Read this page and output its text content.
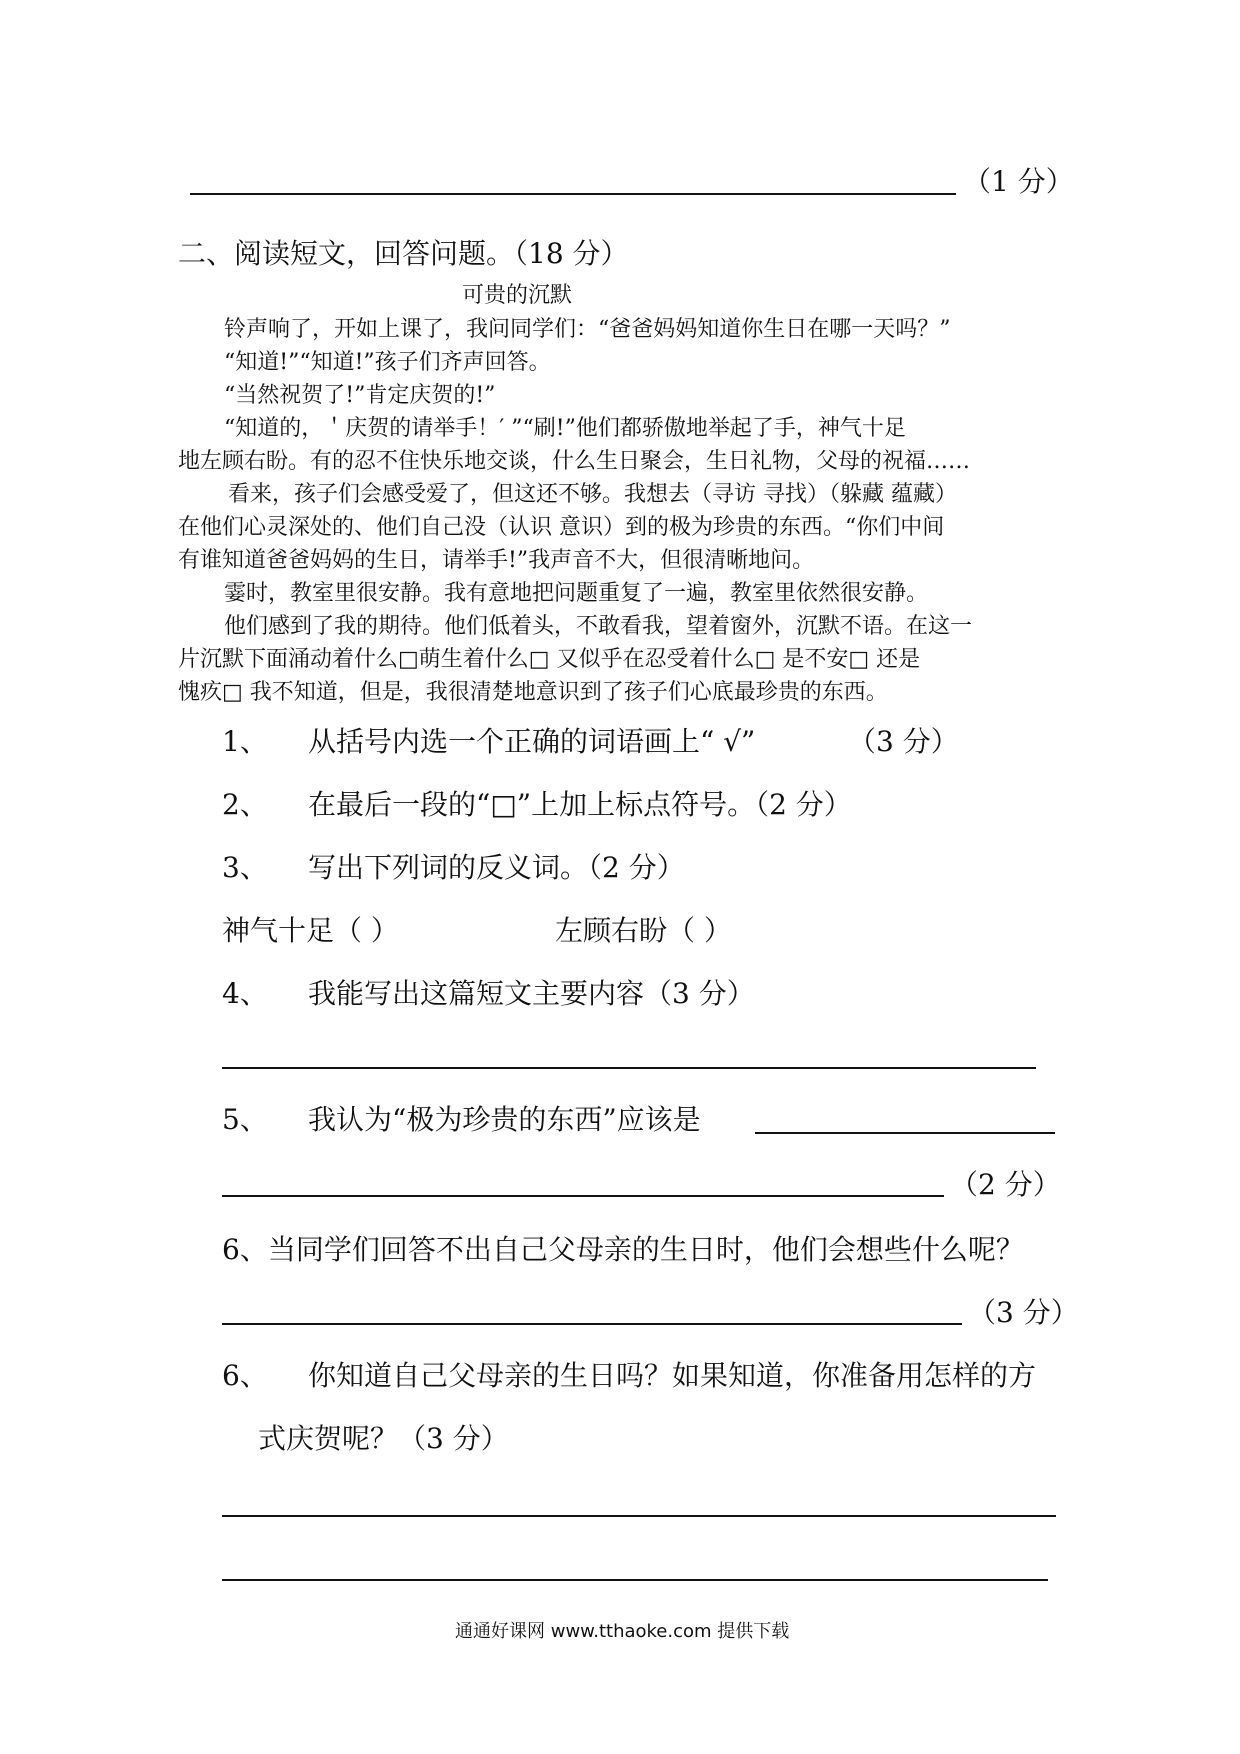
（1 分）
二、阅读短文，回答问题。（18 分）
可贵的沉默
铃声响了，开如上课了，我问同学们：“爸爸妈妈知道你生日在哪一天吗？”
“知道!”“知道!”孩子们齐声回答。
“当然祝贺了!”肯定庆贺的!”
“知道的，＇庆贺的请举手！′ ”“刷!”他们都骄傲地举起了手，神气十足
地左顾右盼。有的忍不住快乐地交谈，什么生日聚会，生日礼物，父母的祝福……
看来，孩子们会感受爱了，但这还不够。我想去（寻访 寻找）（躲藏 蕴藏）
在他们心灵深处的、他们自己没（认识 意识）到的极为珍贵的东西。“你们中间
有谁知道爸爸妈妈的生日，请举手!”我声音不大，但很清晰地问。
霎时，教室里很安静。我有意地把问题重复了一遍，教室里依然很安静。
他们感到了我的期待。他们低着头，不敢看我，望着窗外，沉默不语。在这一
片沉默下面涌动着什么□萌生着什么□ 又似乎在忍受着什么□ 是不安□ 还是
愧疚□ 我不知道，但是，我很清楚地意识到了孩子们心底最珍贵的东西。
1、 从括号内选一个正确的词语画上“ √”	（3 分）
2、 在最后一段的“□”上加上标点符号。（2 分）
3、 写出下列词的反义词。（2 分）
神气十足（ ）	左顾右盼（ ）
4、 我能写出这篇短文主要内容（3 分）
5、 我认为“极为珍贵的东西”应该是
（2 分）
6、当同学们回答不出自己父母亲的生日时，他们会想些什么呢？
（3 分）
6、 你知道自己父母亲的生日吗？如果知道，你准备用怎样的方
式庆贺呢？（3 分）
通通好课网 www.tthaoke.com 提供下载
